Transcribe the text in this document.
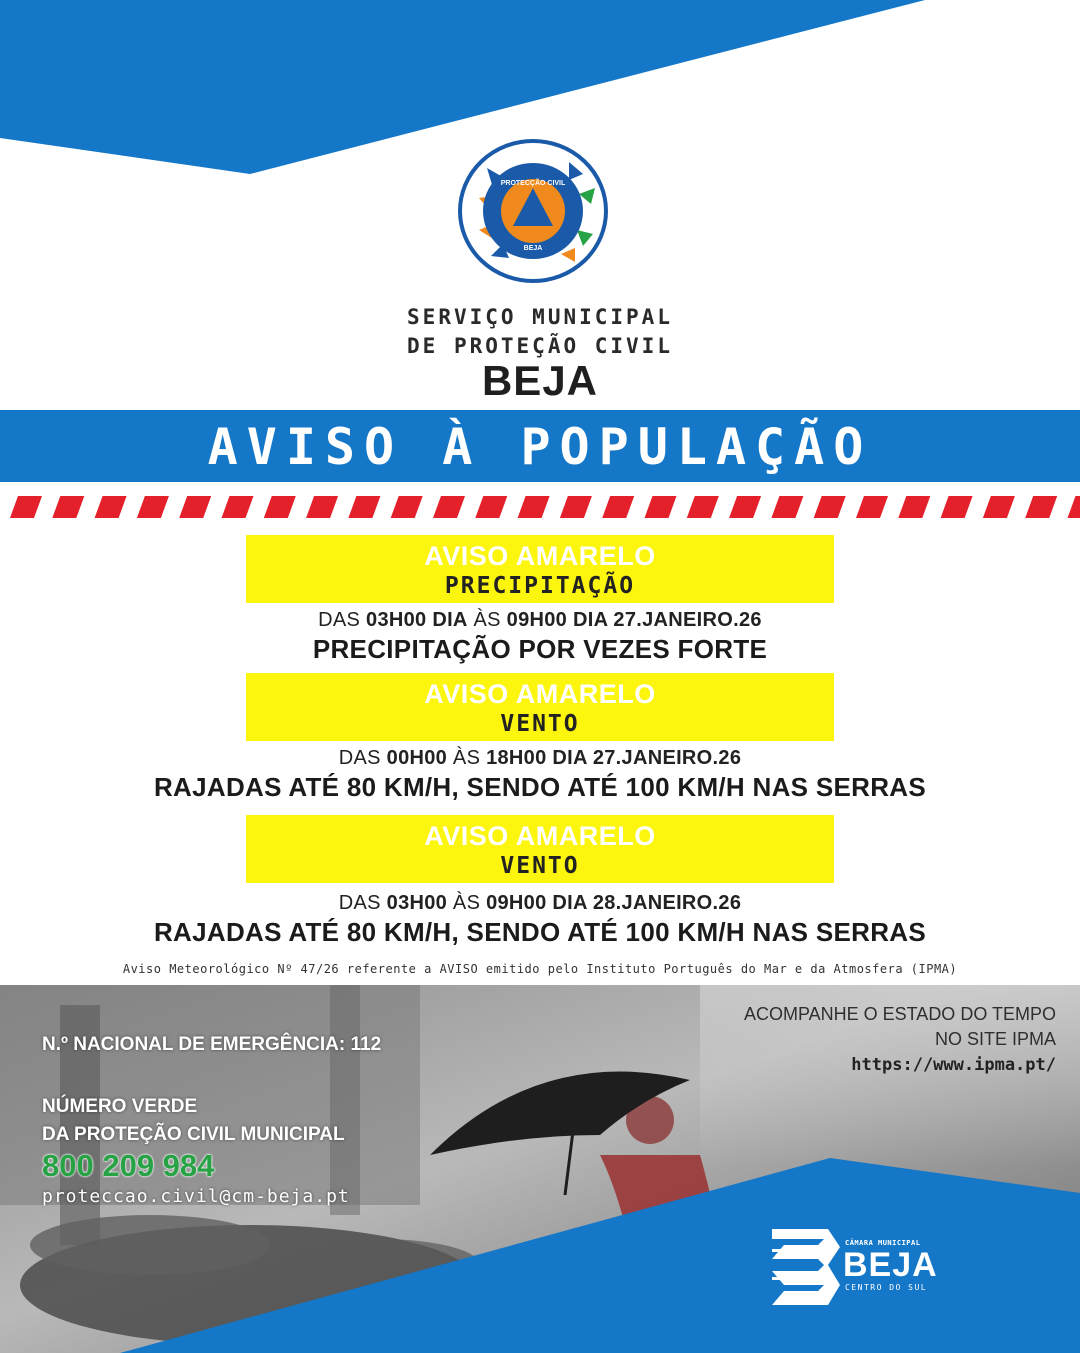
PROTECÇÃO CIVIL
BEJA
SERVIÇO MUNICIPAL
DE PROTEÇÃO CIVIL
BEJA
AVISO À POPULAÇÃO
AVISO AMARELO
PRECIPITAÇÃO
DAS 03H00 DIA ÀS 09H00 DIA 27.JANEIRO.26
PRECIPITAÇÃO POR VEZES FORTE
AVISO AMARELO
VENTO
DAS 00H00 ÀS 18H00 DIA 27.JANEIRO.26
RAJADAS ATÉ 80 KM/H, SENDO ATÉ 100 KM/H NAS SERRAS
AVISO AMARELO
VENTO
DAS 03H00 ÀS 09H00 DIA 28.JANEIRO.26
RAJADAS ATÉ 80 KM/H, SENDO ATÉ 100 KM/H NAS SERRAS
Aviso Meteorológico Nº 47/26 referente a AVISO emitido pelo Instituto Português do Mar e da Atmosfera (IPMA)
ACOMPANHE O ESTADO DO TEMPO
NO SITE IPMA
https://www.ipma.pt/
N.º NACIONAL DE EMERGÊNCIA: 112
NÚMERO VERDE
DA PROTEÇÃO CIVIL MUNICIPAL
800 209 984
proteccao.civil@cm-beja.pt
CÂMARA MUNICIPAL
BEJA
CENTRO DO SUL
